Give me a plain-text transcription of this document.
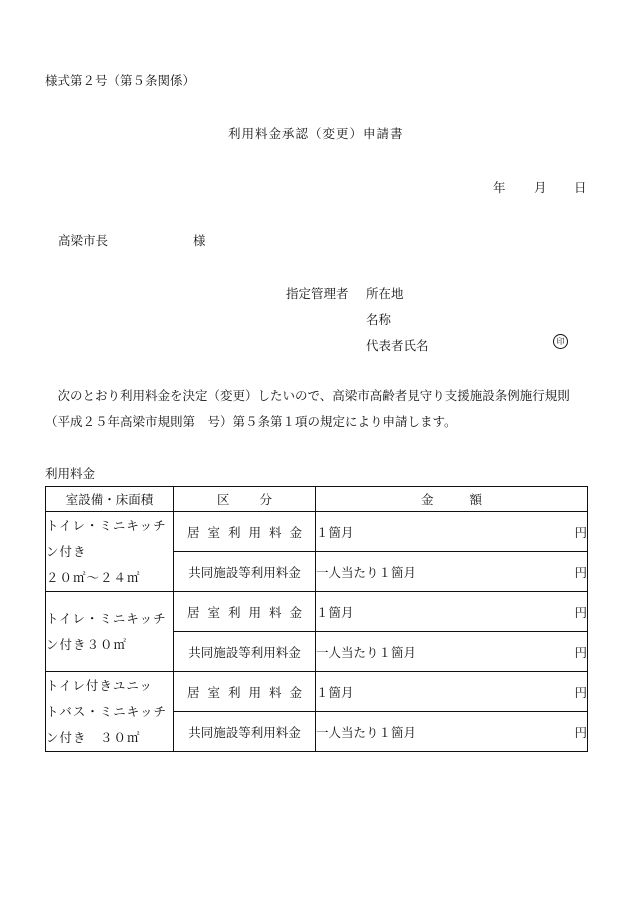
様式第２号（第５条関係）
利用料金承認（変更）申請書
年 月 日
高梁市長	様
指定管理者 所在地
名称
代表者氏名	印
次のとおり利用料金を決定（変更）したいので、高梁市高齢者見守り支援施設条例施行規則（平成２５年高梁市規則第　号）第５条第１項の規定により申請します。
利用料金
室設備・床面積	区分	金額
トイレ・ミニキッチ
ン付き
２０㎡～２４㎡	居室利用料金	１箇月 円

	共同施設等利用料金	一人当たり１箇月 円

トイレ・ミニキッチ
ン付き３０㎡	居室利用料金	１箇月 円

	共同施設等利用料金	一人当たり１箇月 円

トイレ付きユニッ
トバス・ミニキッチ
ン付き　３０㎡	居室利用料金	１箇月 円

	共同施設等利用料金	一人当たり１箇月 円
